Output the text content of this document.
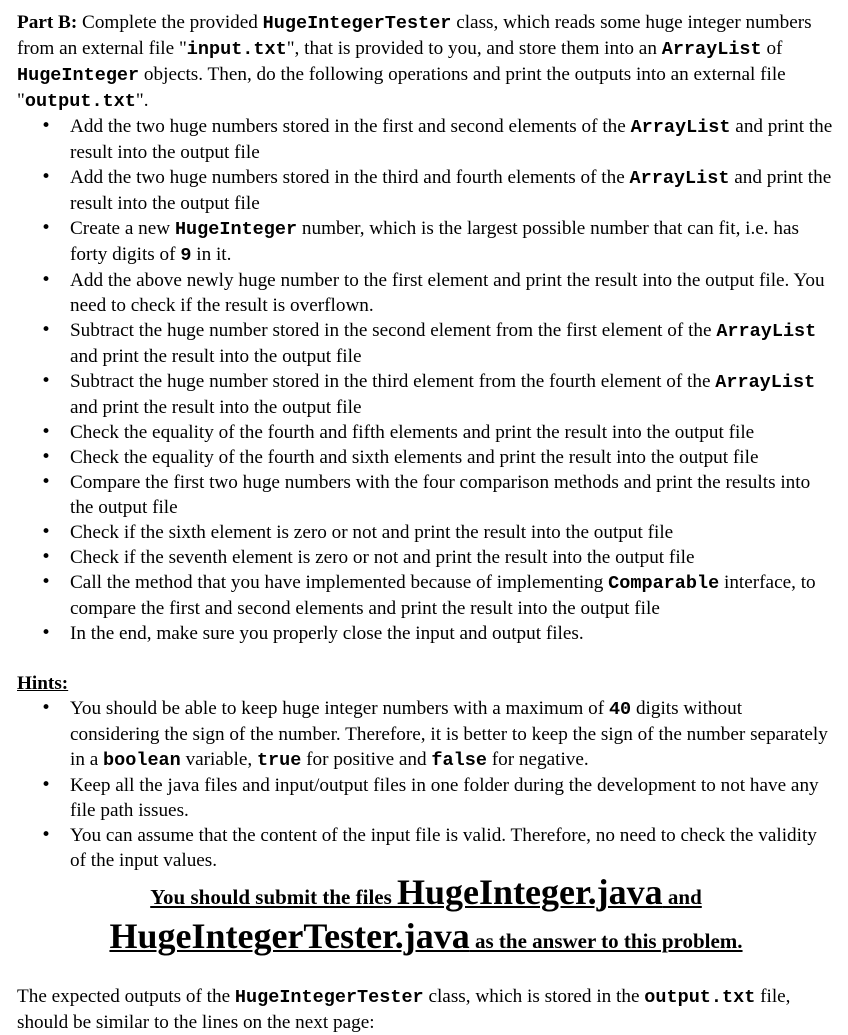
Part B: Complete the provided HugeIntegerTester class, which reads some huge integer numbers from an external file "input.txt", that is provided to you, and store them into an ArrayList of HugeInteger objects. Then, do the following operations and print the outputs into an external file "output.txt".

• Add the two huge numbers stored in the first and second elements of the ArrayList and print the result into the output file
• Add the two huge numbers stored in the third and fourth elements of the ArrayList and print the result into the output file
• Create a new HugeInteger number, which is the largest possible number that can fit, i.e. has forty digits of 9 in it.
• Add the above newly huge number to the first element and print the result into the output file. You need to check if the result is overflown.
• Subtract the huge number stored in the second element from the first element of the ArrayList and print the result into the output file
• Subtract the huge number stored in the third element from the fourth element of the ArrayList and print the result into the output file
• Check the equality of the fourth and fifth elements and print the result into the output file
• Check the equality of the fourth and sixth elements and print the result into the output file
• Compare the first two huge numbers with the four comparison methods and print the results into the output file
• Check if the sixth element is zero or not and print the result into the output file
• Check if the seventh element is zero or not and print the result into the output file
• Call the method that you have implemented because of implementing Comparable interface, to compare the first and second elements and print the result into the output file
• In the end, make sure you properly close the input and output files.

Hints:

• You should be able to keep huge integer numbers with a maximum of 40 digits without considering the sign of the number. Therefore, it is better to keep the sign of the number separately in a boolean variable, true for positive and false for negative.
• Keep all the java files and input/output files in one folder during the development to not have any file path issues.
• You can assume that the content of the input file is valid. Therefore, no need to check the validity of the input values.

You should submit the files HugeInteger.java and
HugeIntegerTester.java as the answer to this problem.

The expected outputs of the HugeIntegerTester class, which is stored in the output.txt file, should be similar to the lines on the next page:
